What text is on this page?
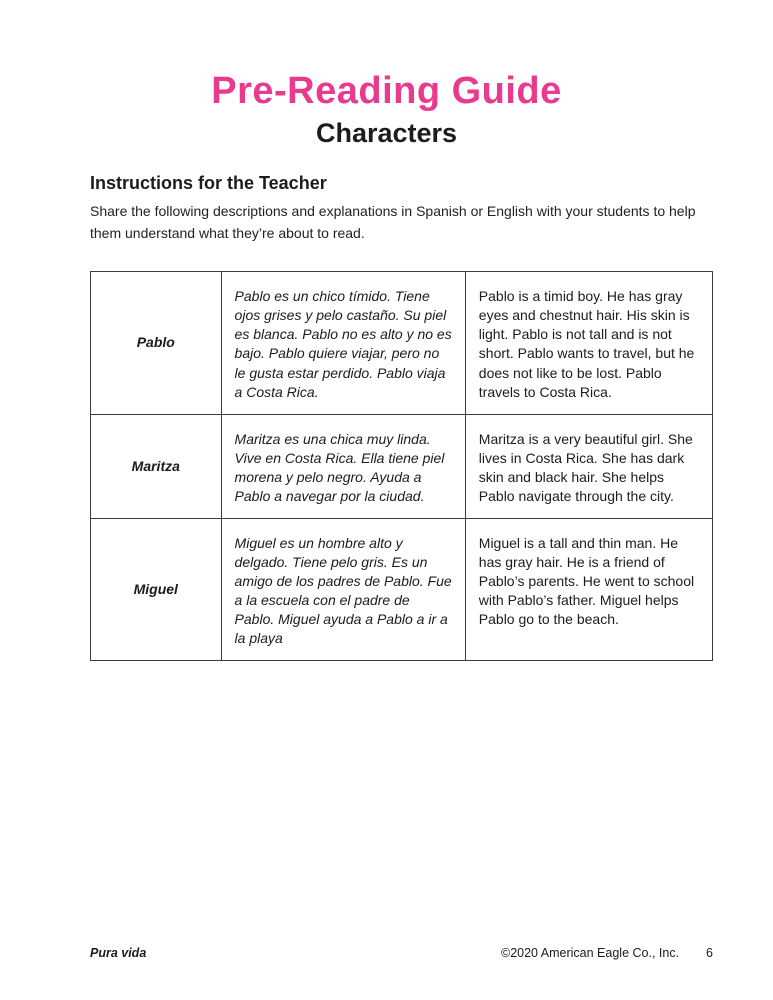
Pre-Reading Guide
Characters
Instructions for the Teacher

Share the following descriptions and explanations in Spanish or English with your students to help them understand what they’re about to read.

Pablo
Pablo es un chico tímido. Tiene ojos grises y pelo castaño. Su piel es blanca. Pablo no es alto y no es bajo. Pablo quiere viajar, pero no le gusta estar perdido. Pablo viaja a Costa Rica.
Pablo is a timid boy. He has gray eyes and chestnut hair. His skin is light. Pablo is not tall and is not short. Pablo wants to travel, but he does not like to be lost. Pablo travels to Costa Rica.
Maritza
Maritza es una chica muy linda. Vive en Costa Rica. Ella tiene piel morena y pelo negro. Ayuda a Pablo a navegar por la ciudad.
Maritza is a very beautiful girl. She lives in Costa Rica. She has dark skin and black hair. She helps Pablo navigate through the city.
Miguel
Miguel es un hombre alto y delgado. Tiene pelo gris. Es un amigo de los padres de Pablo. Fue a la escuela con el padre de Pablo. Miguel ayuda a Pablo a ir a la playa
Miguel is a tall and thin man. He has gray hair. He is a friend of Pablo’s parents. He went to school with Pablo’s father. Miguel helps Pablo go to the beach.
Pura vida	©2020 American Eagle Co., Inc. 6
